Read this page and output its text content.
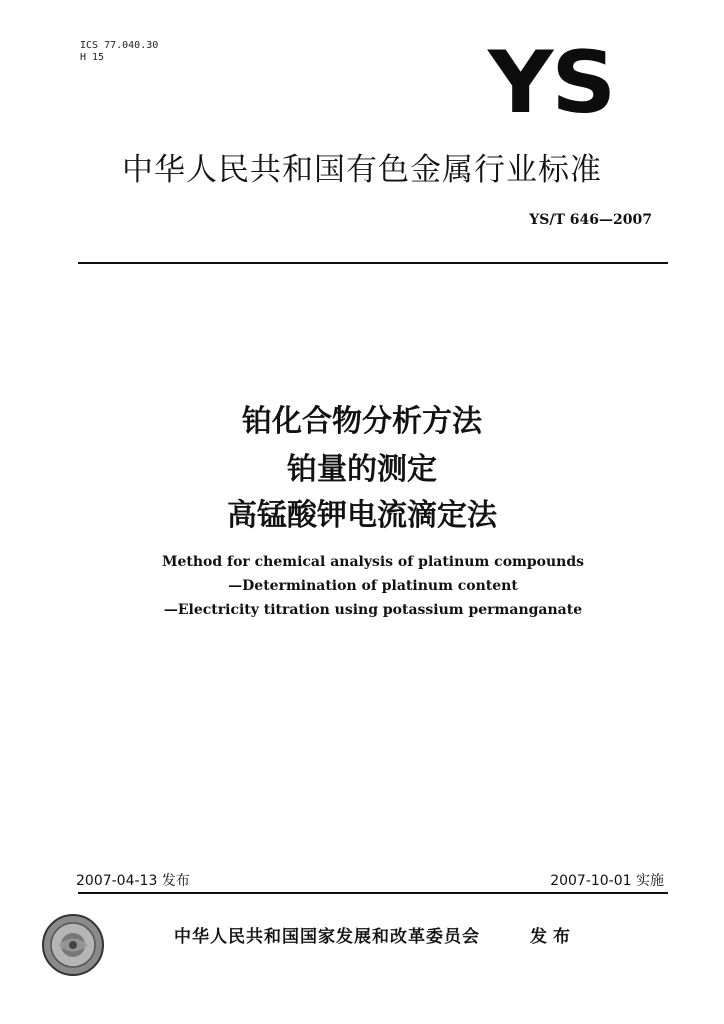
ICS 77.040.30
H 15	YS
中华人民共和国有色金属行业标准
YS/T 646—2007
铂化合物分析方法
铂量的测定
高锰酸钾电流滴定法
Method for chemical analysis of platinum compounds
—Determination of platinum content
—Electricity titration using potassium permanganate
2007-04-13 发布	2007-10-01 实施
中华人民共和国国家发展和改革委员会	发布
